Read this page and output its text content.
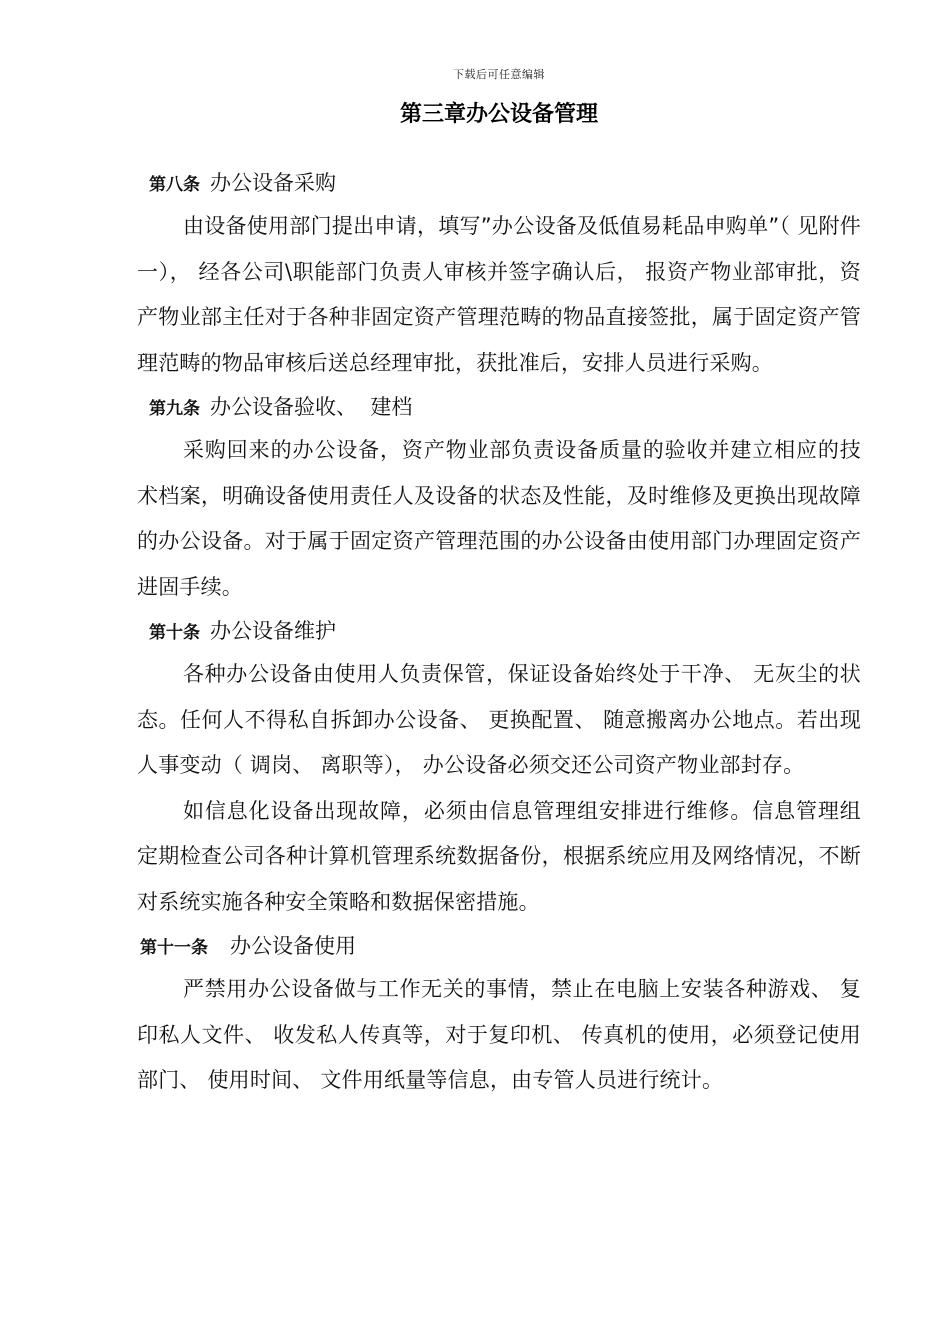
下载后可任意编辑
第三章办公设备管理
第八条 办公设备采购

由设备使用部门提出申请，填写”办公设备及低值易耗品申购单”（ 见附件一）， 经各公司\职能部门负责人审核并签字确认后， 报资产物业部审批，资产物业部主任对于各种非固定资产管理范畴的物品直接签批，属于固定资产管理范畴的物品审核后送总经理审批，获批准后，安排人员进行采购。

第九条 办公设备验收、  建档

采购回来的办公设备，资产物业部负责设备质量的验收并建立相应的技术档案，明确设备使用责任人及设备的状态及性能，及时维修及更换出现故障的办公设备。对于属于固定资产管理范围的办公设备由使用部门办理固定资产进固手续。

第十条 办公设备维护

各种办公设备由使用人负责保管，保证设备始终处于干净、 无灰尘的状态。任何人不得私自拆卸办公设备、 更换配置、 随意搬离办公地点。若出现人事变动（ 调岗、 离职等）， 办公设备必须交还公司资产物业部封存。

如信息化设备出现故障，必须由信息管理组安排进行维修。信息管理组定期检查公司各种计算机管理系统数据备份，根据系统应用及网络情况，不断对系统实施各种安全策略和数据保密措施。

第十一条 办公设备使用

严禁用办公设备做与工作无关的事情，禁止在电脑上安装各种游戏、 复印私人文件、 收发私人传真等，对于复印机、 传真机的使用，必须登记使用部门、 使用时间、 文件用纸量等信息，由专管人员进行统计。
